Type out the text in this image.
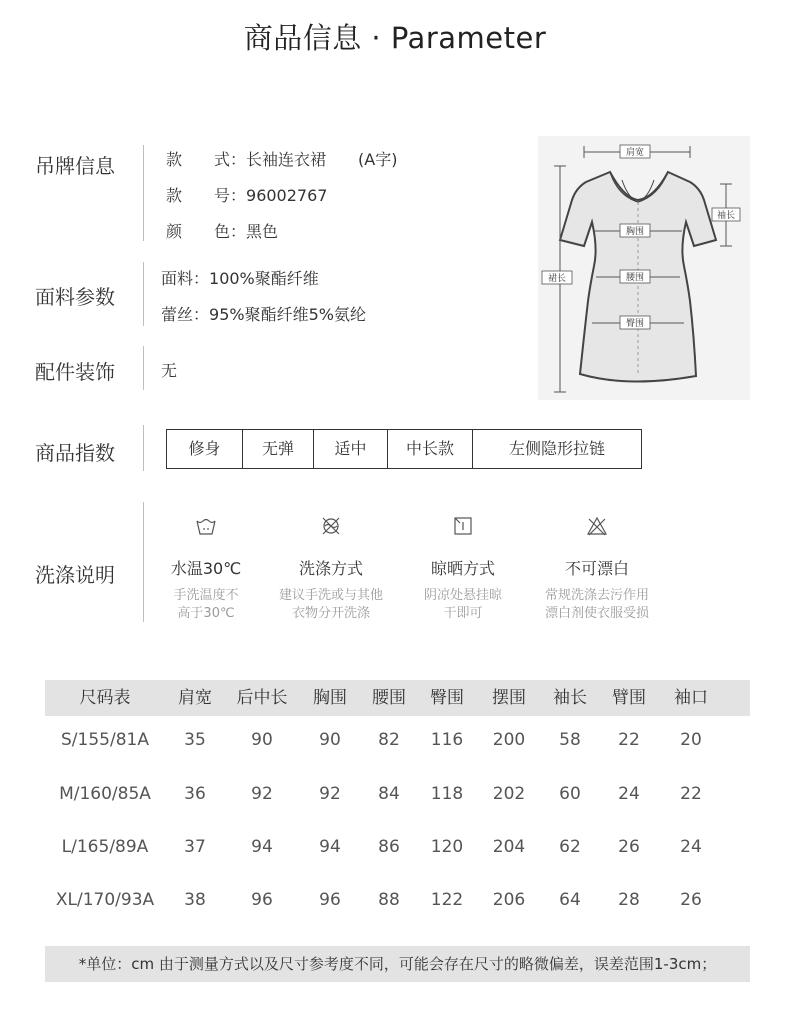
商品信息 · Parameter
吊牌信息	款　　式：长袖连衣裙　　(A字)
款　　号：96002767
颜　　色：黑色
面料参数
面料：100%聚酯纤维
蕾丝：95%聚酯纤维5%氨纶
配件装饰	无
商品指数	修身	无弹	适中	中长款	左侧隐形拉链
洗涤说明	水温30℃
手洗温度不
高于30℃
洗涤方式
建议手洗或与其他
衣物分开洗涤
晾晒方式
阴凉处悬挂晾
干即可
不可漂白
常规洗涤去污作用
漂白剂使衣服受损
肩宽
袖长
胸围
裙长	腰围
臀围
尺码表	肩宽	后中长	胸围	腰围	臀围	摆围	袖长	臂围	袖口
S/155/81A	35	90	90	82	116	200	58	22	20
M/160/85A	36	92	92	84	118	202	60	24	22
L/165/89A	37	94	94	86	120	204	62	26	24
XL/170/93A	38	96	96	88	122	206	64	28	26
*单位：cm 由于测量方式以及尺寸参考度不同，可能会存在尺寸的略微偏差，误差范围1-3cm；
